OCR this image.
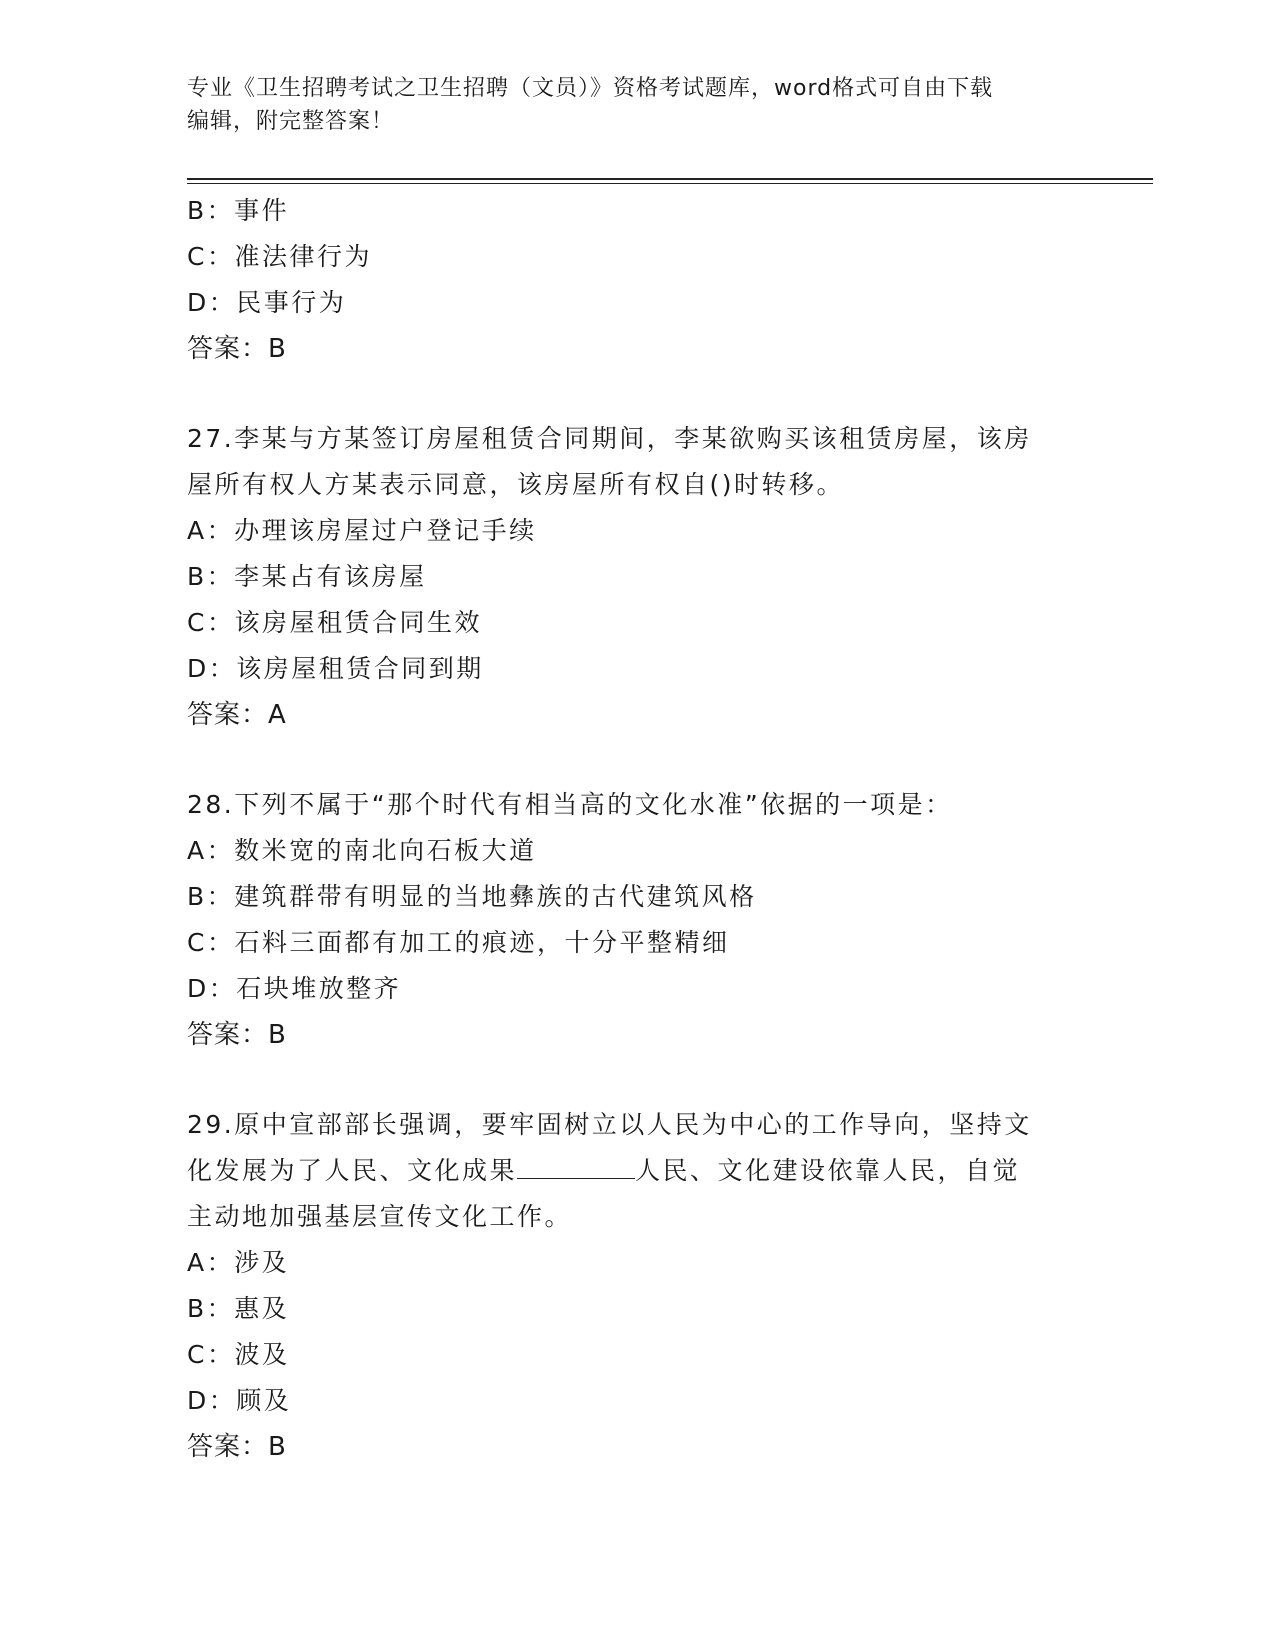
专业《卫生招聘考试之卫生招聘（文员）》资格考试题库，word格式可自由下载
编辑，附完整答案！
B：事件
C：准法律行为
D：民事行为
答案：B
27.李某与方某签订房屋租赁合同期间，李某欲购买该租赁房屋，该房
屋所有权人方某表示同意，该房屋所有权自()时转移。
A：办理该房屋过户登记手续
B：李某占有该房屋
C：该房屋租赁合同生效
D：该房屋租赁合同到期
答案：A
28.下列不属于“那个时代有相当高的文化水准”依据的一项是：
A：数米宽的南北向石板大道
B：建筑群带有明显的当地彝族的古代建筑风格
C：石料三面都有加工的痕迹，十分平整精细
D：石块堆放整齐
答案：B
29.原中宣部部长强调，要牢固树立以人民为中心的工作导向，坚持文
化发展为了人民、文化成果	人民、文化建设依靠人民，自觉
主动地加强基层宣传文化工作。
A：涉及
B：惠及
C：波及
D：顾及
答案：B
